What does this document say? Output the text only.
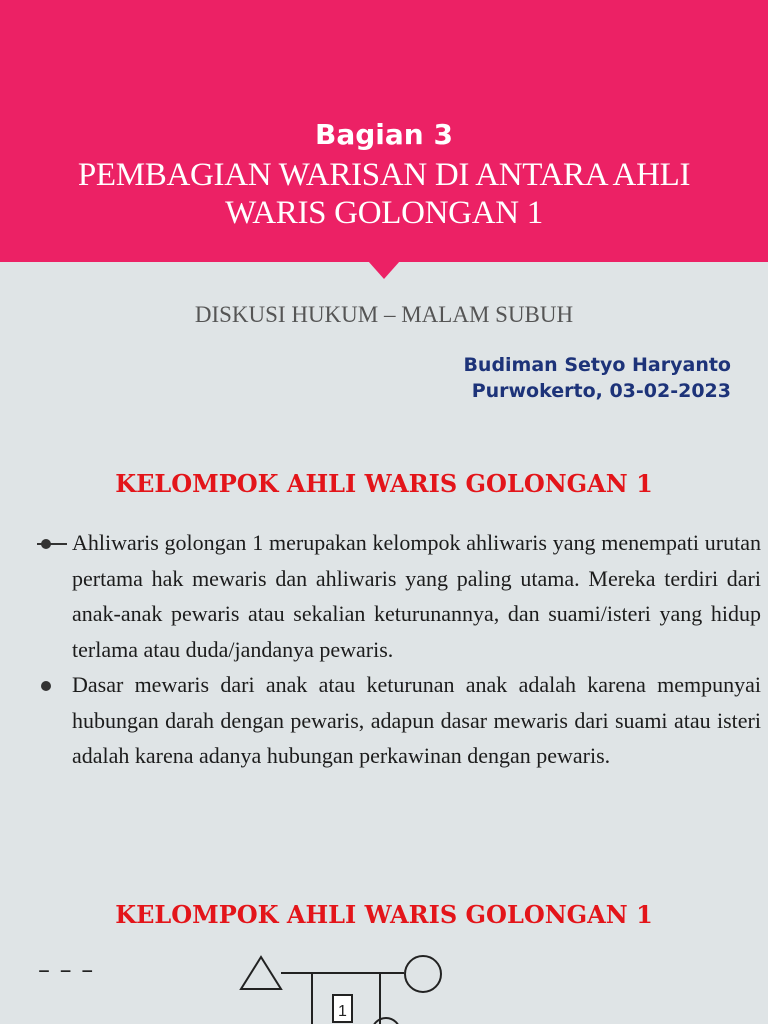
Bagian 3
PEMBAGIAN WARISAN DI ANTARA AHLI
WARIS GOLONGAN 1
DISKUSI HUKUM – MALAM SUBUH
Budiman Setyo Haryanto
Purwokerto, 03-02-2023
KELOMPOK AHLI WARIS GOLONGAN 1
Ahliwaris golongan 1 merupakan kelompok ahliwaris yang menempati urutan pertama hak mewaris dan ahliwaris yang paling utama. Mereka terdiri dari anak-anak pewaris atau sekalian keturunannya, dan suami/isteri yang hidup terlama atau duda/jandanya pewaris.
Dasar mewaris dari anak atau keturunan anak adalah karena mempunyai hubungan darah dengan pewaris, adapun dasar mewaris dari suami atau isteri adalah karena adanya hubungan perkawinan dengan pewaris.
KELOMPOK AHLI WARIS GOLONGAN 1
– – –
1
